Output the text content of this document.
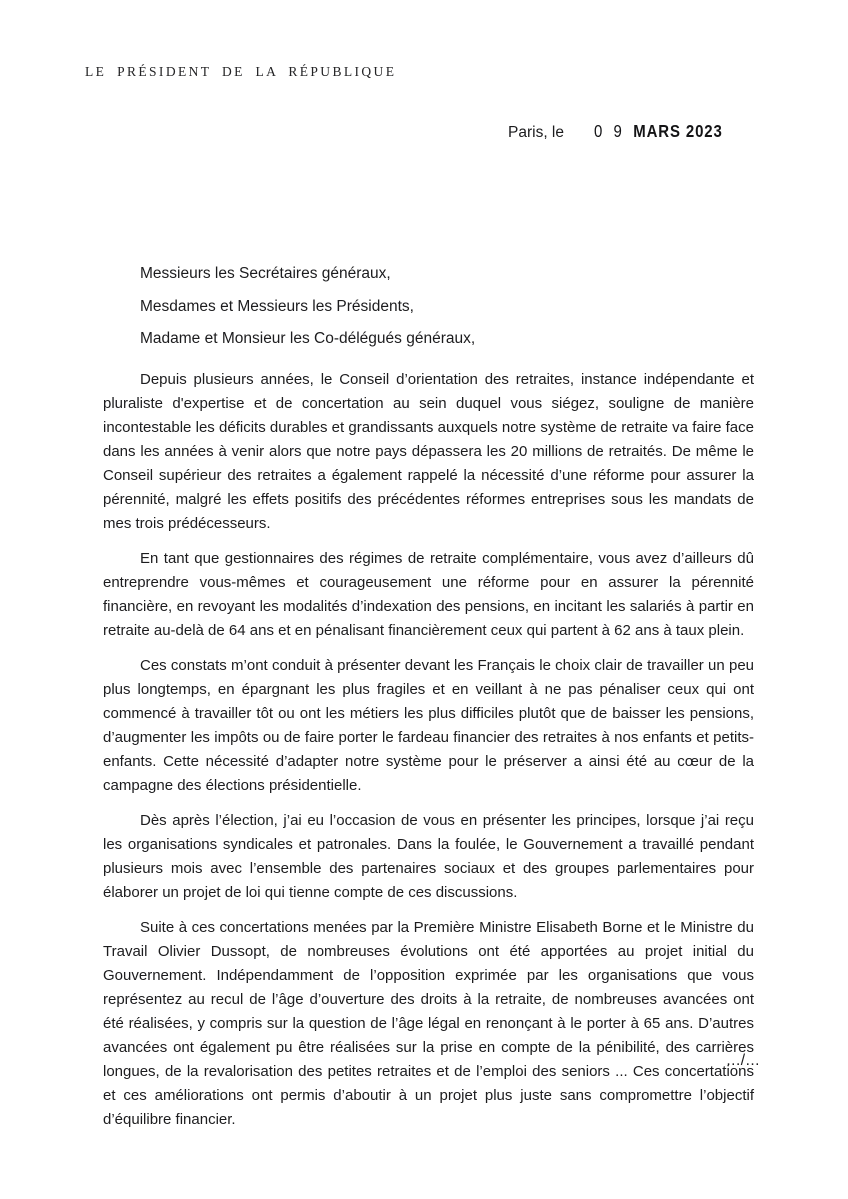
LE PRÉSIDENT DE LA RÉPUBLIQUE
Paris, le 0 9 MARS 2023
Messieurs les Secrétaires généraux,
Mesdames et Messieurs les Présidents,
Madame et Monsieur les Co-délégués généraux,

Depuis plusieurs années, le Conseil d’orientation des retraites, instance indépendante et pluraliste d'expertise et de concertation au sein duquel vous siégez, souligne de manière incontestable les déficits durables et grandissants auxquels notre système de retraite va faire face dans les années à venir alors que notre pays dépassera les 20 millions de retraités. De même le Conseil supérieur des retraites a également rappelé la nécessité d’une réforme pour assurer la pérennité, malgré les effets positifs des précédentes réformes entreprises sous les mandats de mes trois prédécesseurs.

En tant que gestionnaires des régimes de retraite complémentaire, vous avez d’ailleurs dû entreprendre vous-mêmes et courageusement une réforme pour en assurer la pérennité financière, en revoyant les modalités d’indexation des pensions, en incitant les salariés à partir en retraite au-delà de 64 ans et en pénalisant financièrement ceux qui partent à 62 ans à taux plein.

Ces constats m’ont conduit à présenter devant les Français le choix clair de travailler un peu plus longtemps, en épargnant les plus fragiles et en veillant à ne pas pénaliser ceux qui ont commencé à travailler tôt ou ont les métiers les plus difficiles plutôt que de baisser les pensions, d’augmenter les impôts ou de faire porter le fardeau financier des retraites à nos enfants et petits-enfants. Cette nécessité d’adapter notre système pour le préserver a ainsi été au cœur de la campagne des élections présidentielle.

Dès après l’élection, j’ai eu l’occasion de vous en présenter les principes, lorsque j’ai reçu les organisations syndicales et patronales. Dans la foulée, le Gouvernement a travaillé pendant plusieurs mois avec l’ensemble des partenaires sociaux et des groupes parlementaires pour élaborer un projet de loi qui tienne compte de ces discussions.

Suite à ces concertations menées par la Première Ministre Elisabeth Borne et le Ministre du Travail Olivier Dussopt, de nombreuses évolutions ont été apportées au projet initial du Gouvernement. Indépendamment de l’opposition exprimée par les organisations que vous représentez au recul de l’âge d’ouverture des droits à la retraite, de nombreuses avancées ont été réalisées, y compris sur la question de l’âge légal en renonçant à le porter à 65 ans. D’autres avancées ont également pu être réalisées sur la prise en compte de la pénibilité, des carrières longues, de la revalorisation des petites retraites et de l’emploi des seniors ... Ces concertations et ces améliorations ont permis d’aboutir à un projet plus juste sans compromettre l’objectif d’équilibre financier.

.../...
